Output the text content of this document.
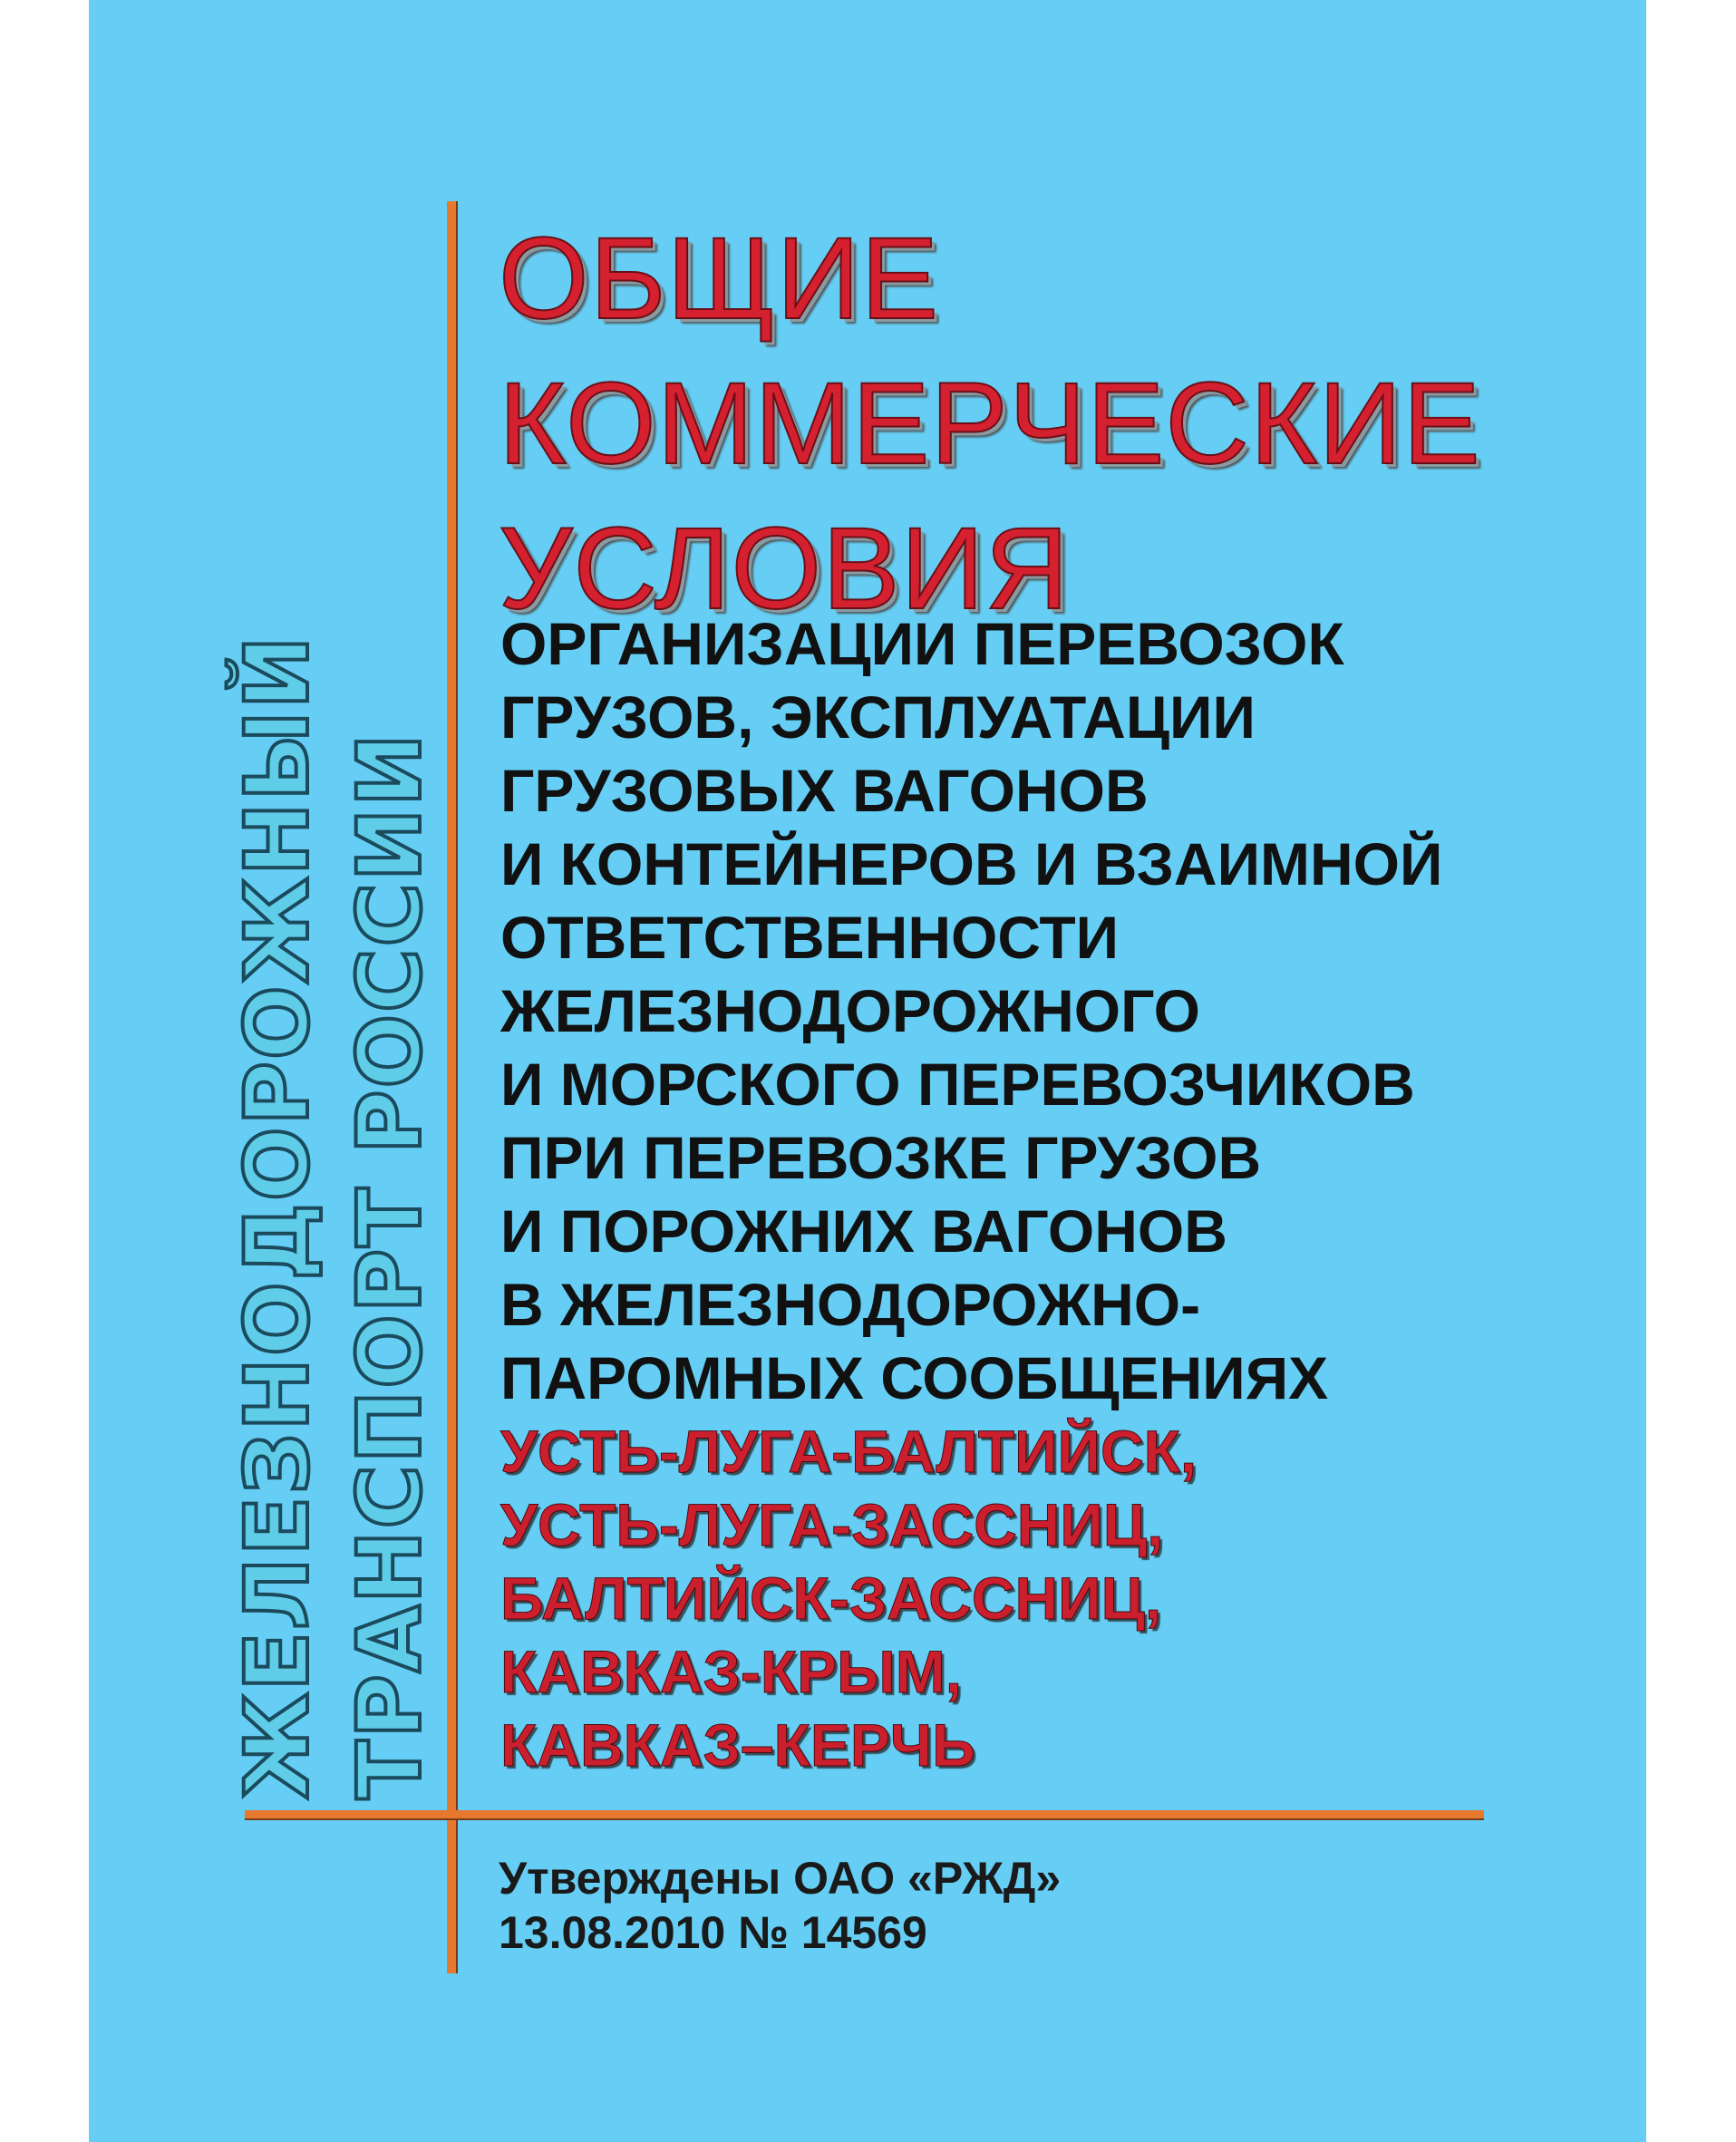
ЖЕЛЕЗНОДОРОЖНЫЙ ТРАНСПОРТ РОССИИ
ОБЩИЕ
КОММЕРЧЕСКИЕ
УСЛОВИЯ
ОРГАНИЗАЦИИ ПЕРЕВОЗОК
ГРУЗОВ, ЭКСПЛУАТАЦИИ
ГРУЗОВЫХ ВАГОНОВ
И КОНТЕЙНЕРОВ И ВЗАИМНОЙ
ОТВЕТСТВЕННОСТИ
ЖЕЛЕЗНОДОРОЖНОГО
И МОРСКОГО ПЕРЕВОЗЧИКОВ
ПРИ ПЕРЕВОЗКЕ ГРУЗОВ
И ПОРОЖНИХ ВАГОНОВ
В ЖЕЛЕЗНОДОРОЖНО-
ПАРОМНЫХ СООБЩЕНИЯХ
УСТЬ-ЛУГА-БАЛТИЙСК,
УСТЬ-ЛУГА-ЗАССНИЦ,
БАЛТИЙСК-ЗАССНИЦ,
КАВКАЗ-КРЫМ,
КАВКАЗ–КЕРЧЬ
Утверждены ОАО «РЖД»
13.08.2010 № 14569
